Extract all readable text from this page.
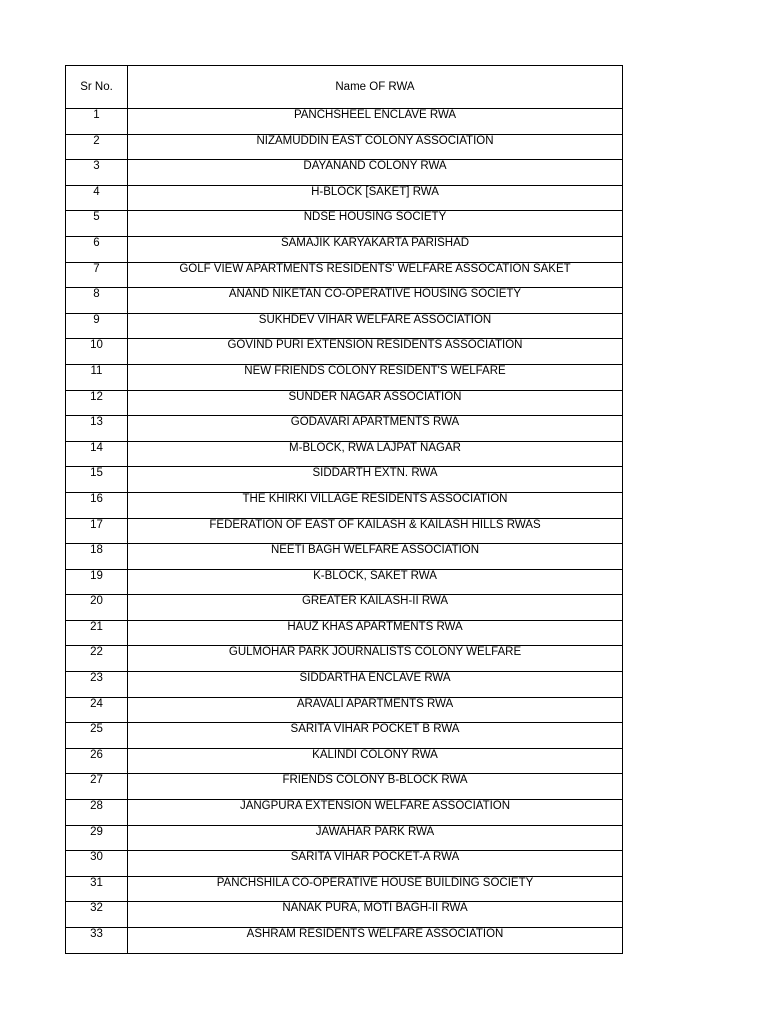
Sr No.	Name OF RWA
1	PANCHSHEEL ENCLAVE RWA
2	NIZAMUDDIN EAST COLONY ASSOCIATION
3	DAYANAND COLONY RWA
4	H-BLOCK [SAKET] RWA
5	NDSE HOUSING SOCIETY
6	SAMAJIK KARYAKARTA PARISHAD
7	GOLF VIEW APARTMENTS RESIDENTS' WELFARE ASSOCATION SAKET
8	ANAND NIKETAN CO-OPERATIVE HOUSING SOCIETY
9	SUKHDEV VIHAR WELFARE ASSOCIATION
10	GOVIND PURI EXTENSION RESIDENTS ASSOCIATION
11	NEW FRIENDS COLONY RESIDENT'S WELFARE
12	SUNDER NAGAR ASSOCIATION
13	GODAVARI APARTMENTS RWA
14	M-BLOCK, RWA LAJPAT NAGAR
15	SIDDARTH EXTN. RWA
16	THE KHIRKI VILLAGE RESIDENTS ASSOCIATION
17	FEDERATION OF EAST OF KAILASH & KAILASH HILLS RWAS
18	NEETI BAGH WELFARE ASSOCIATION
19	K-BLOCK, SAKET RWA
20	GREATER KAILASH-II RWA
21	HAUZ KHAS APARTMENTS RWA
22	GULMOHAR PARK JOURNALISTS COLONY WELFARE
23	SIDDARTHA ENCLAVE RWA
24	ARAVALI APARTMENTS RWA
25	SARITA VIHAR POCKET B RWA
26	KALINDI COLONY RWA
27	FRIENDS COLONY B-BLOCK RWA
28	JANGPURA EXTENSION WELFARE ASSOCIATION
29	JAWAHAR PARK RWA
30	SARITA VIHAR POCKET-A RWA
31	PANCHSHILA CO-OPERATIVE HOUSE BUILDING SOCIETY
32	NANAK PURA, MOTI BAGH-II RWA
33	ASHRAM RESIDENTS WELFARE ASSOCIATION
